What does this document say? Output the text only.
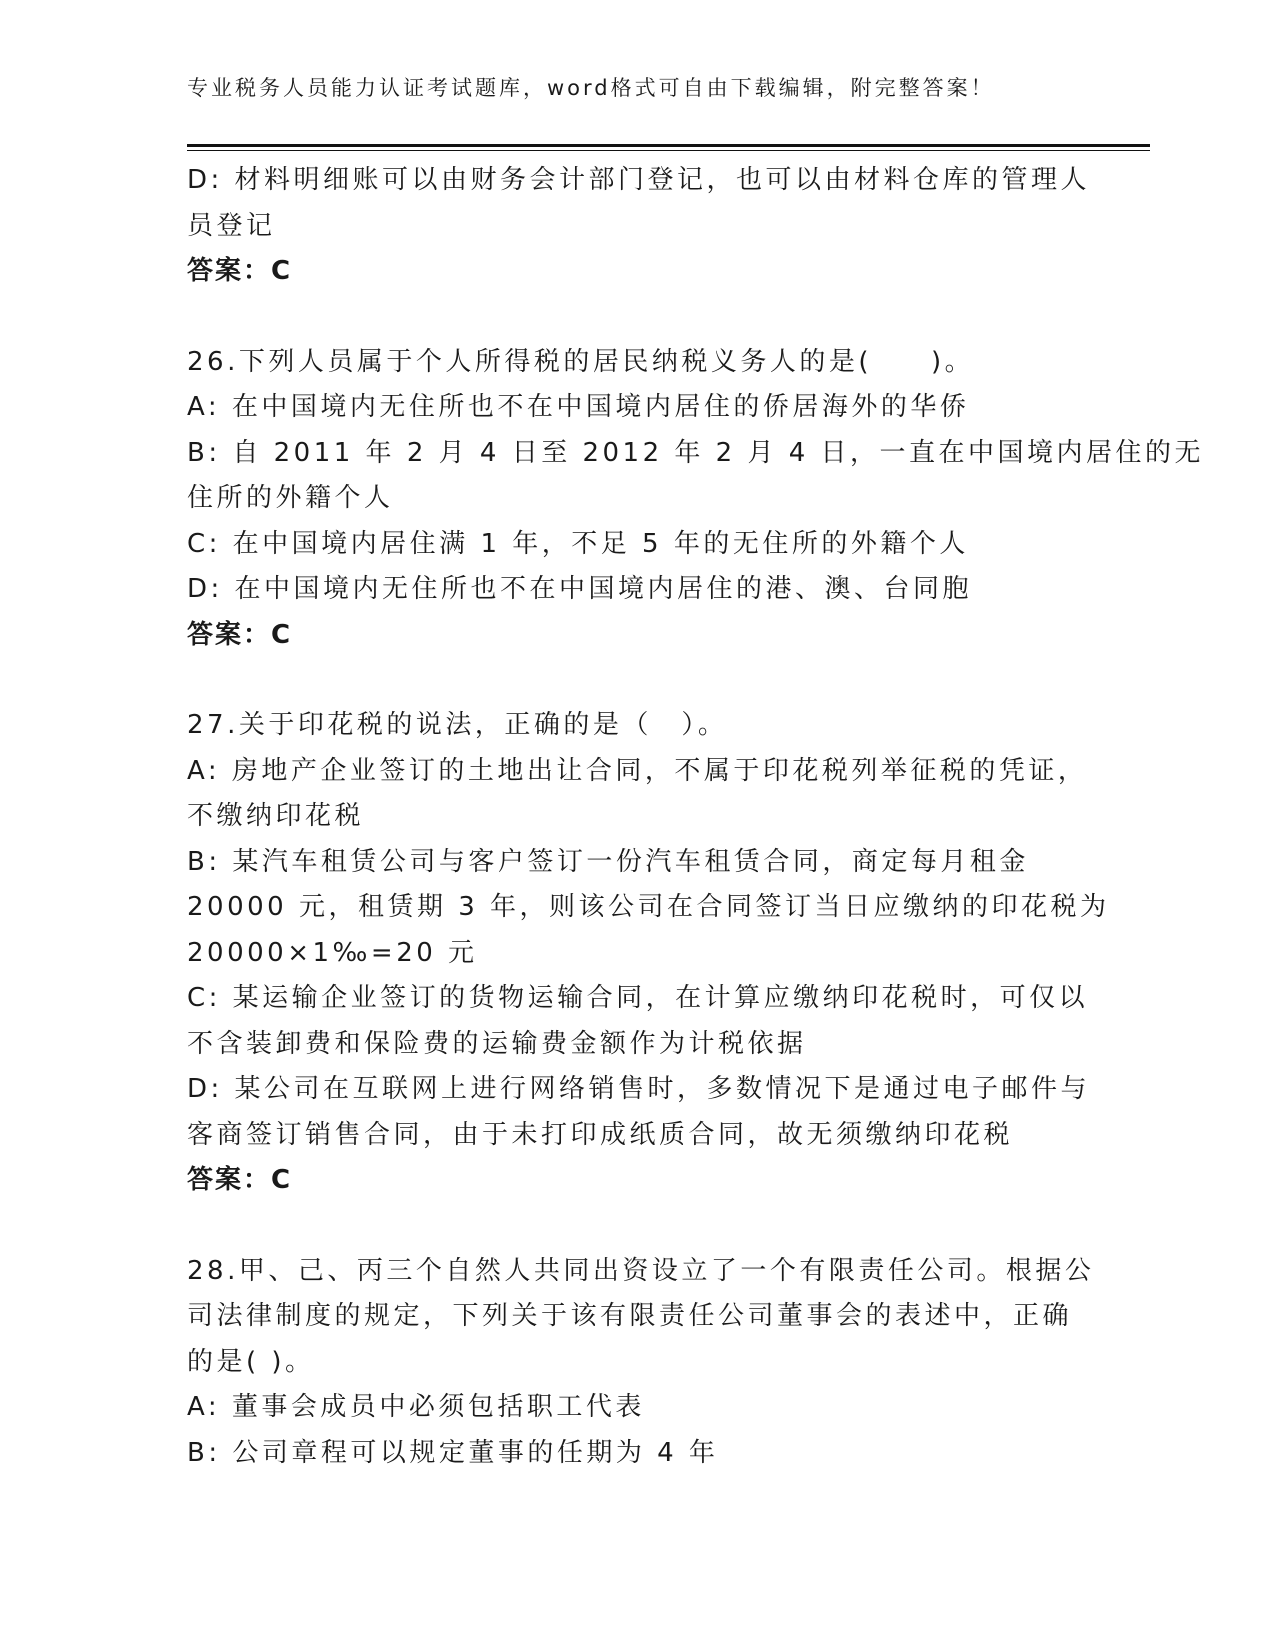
专业税务人员能力认证考试题库，word格式可自由下载编辑，附完整答案！
D: 材料明细账可以由财务会计部门登记，也可以由材料仓库的管理人
员登记
答案：C
26.下列人员属于个人所得税的居民纳税义务人的是(　　)。
A: 在中国境内无住所也不在中国境内居住的侨居海外的华侨
B: 自 2011 年 2 月 4 日至 2012 年 2 月 4 日，一直在中国境内居住的无
住所的外籍个人
C: 在中国境内居住满 1 年，不足 5 年的无住所的外籍个人
D: 在中国境内无住所也不在中国境内居住的港、澳、台同胞
答案：C
27.关于印花税的说法，正确的是（　）。
A: 房地产企业签订的土地出让合同，不属于印花税列举征税的凭证，
不缴纳印花税
B: 某汽车租赁公司与客户签订一份汽车租赁合同，商定每月租金
20000 元，租赁期 3 年，则该公司在合同签订当日应缴纳的印花税为
20000×1‰=20 元
C: 某运输企业签订的货物运输合同，在计算应缴纳印花税时，可仅以
不含装卸费和保险费的运输费金额作为计税依据
D: 某公司在互联网上进行网络销售时，多数情况下是通过电子邮件与
客商签订销售合同，由于未打印成纸质合同，故无须缴纳印花税
答案：C
28.甲、己、丙三个自然人共同出资设立了一个有限责任公司。根据公
司法律制度的规定，下列关于该有限责任公司董事会的表述中，正确
的是( )。
A: 董事会成员中必须包括职工代表
B: 公司章程可以规定董事的任期为 4 年
